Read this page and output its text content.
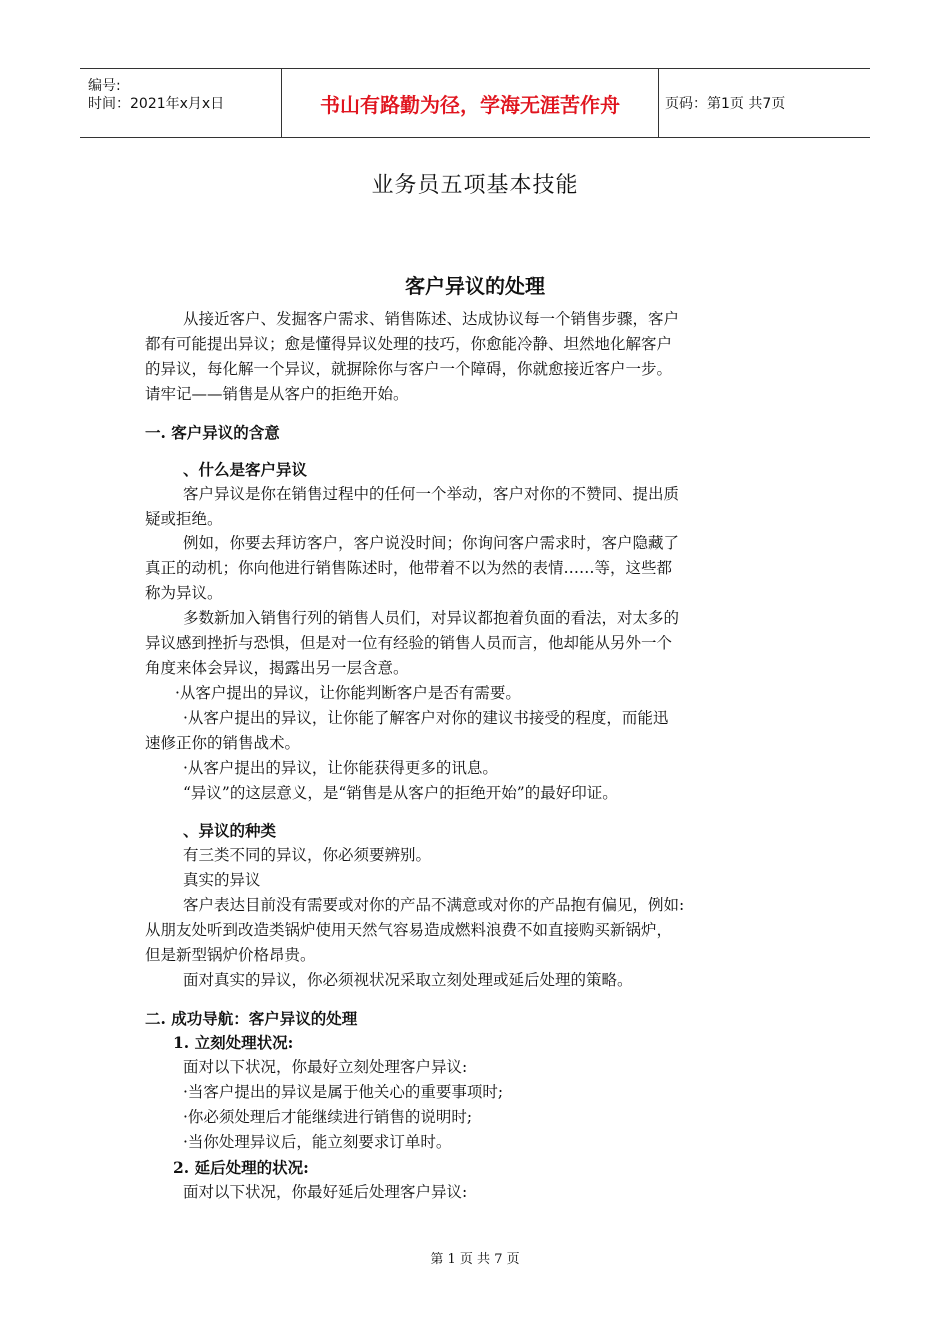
编号:
时间：2021年x月x日	书山有路勤为径，学海无涯苦作舟	页码：第1页 共7页
业务员五项基本技能
客户异议的处理
从接近客户、发掘客户需求、销售陈述、达成协议每一个销售步骤，客户
都有可能提出异议；愈是懂得异议处理的技巧，你愈能冷静、坦然地化解客户
的异议，每化解一个异议，就摒除你与客户一个障碍，你就愈接近客户一步。
请牢记——销售是从客户的拒绝开始。
一. 客户异议的含意
、什么是客户异议
客户异议是你在销售过程中的任何一个举动，客户对你的不赞同、提出质
疑或拒绝。
例如，你要去拜访客户，客户说没时间；你询问客户需求时，客户隐藏了
真正的动机；你向他进行销售陈述时，他带着不以为然的表情……等，这些都
称为异议。
多数新加入销售行列的销售人员们，对异议都抱着负面的看法，对太多的
异议感到挫折与恐惧，但是对一位有经验的销售人员而言，他却能从另外一个
角度来体会异议，揭露出另一层含意。
·从客户提出的异议，让你能判断客户是否有需要。
·从客户提出的异议，让你能了解客户对你的建议书接受的程度，而能迅
速修正你的销售战术。
·从客户提出的异议，让你能获得更多的讯息。
“异议”的这层意义，是“销售是从客户的拒绝开始”的最好印证。
、异议的种类
有三类不同的异议，你必须要辨别。
真实的异议
客户表达目前没有需要或对你的产品不满意或对你的产品抱有偏见，例如:
从朋友处听到改造类锅炉使用天然气容易造成燃料浪费不如直接购买新锅炉，
但是新型锅炉价格昂贵。
面对真实的异议，你必须视状况采取立刻处理或延后处理的策略。
二. 成功导航：客户异议的处理
1. 立刻处理状况:
面对以下状况，你最好立刻处理客户异议:
·当客户提出的异议是属于他关心的重要事项时;
·你必须处理后才能继续进行销售的说明时;
·当你处理异议后，能立刻要求订单时。
2. 延后处理的状况:
面对以下状况，你最好延后处理客户异议:
第 1 页 共 7 页
